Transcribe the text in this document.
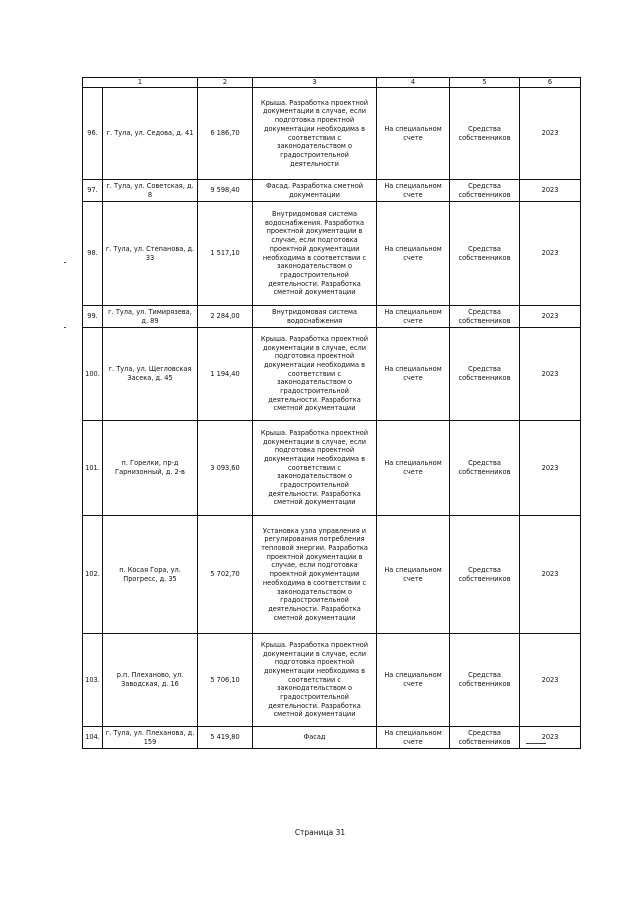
1		2	3	4	5	6
96.	г. Тула, ул. Седова, д. 41	6 186,70	Крыша. Разработка проектной документации в случае, если подготовка проектной документации необходима в соответствии с законодательством о градостроительной деятельности	На специальном счете	Средства собственников	2023
97.	г. Тула, ул. Советская, д. 8	9 598,40	Фасад. Разработка сметной документации	На специальном счете	Средства собственников	2023
98.	г. Тула, ул. Степанова, д. 33	1 517,10	Внутридомовая система водоснабжения. Разработка проектной документации в случае, если подготовка проектной документации необходима в соответствии с законодательством о градостроительной деятельности. Разработка сметной документации	На специальном счете	Средства собственников	2023
99.	г. Тула, ул. Тимирязева, д. 89	2 284,00	Внутридомовая система водоснабжения	На специальном счете	Средства собственников	2023
100.	г. Тула, ул. Щегловская Засека, д. 45	1 194,40	Крыша. Разработка проектной документации в случае, если подготовка проектной документации необходима в соответствии с законодательством о градостроительной деятельности. Разработка сметной документации	На специальном счете	Средства собственников	2023
101.	п. Горелки, пр-д Гарнизонный, д. 2-в	3 093,60	Крыша. Разработка проектной документации в случае, если подготовка проектной документации необходима в соответствии с законодательством о градостроительной деятельности. Разработка сметной документации	На специальном счете	Средства собственников	2023
102.	п. Косая Гора, ул. Прогресс, д. 35	5 702,70	Установка узла управления и регулирования потребления тепловой энергии. Разработка проектной документации в случае, если подготовка проектной документации необходима в соответствии с законодательством о градостроительной деятельности. Разработка сметной документации	На специальном счете	Средства собственников	2023
103.	р.п. Плехановo, ул. Заводская, д. 16	5 706,10	Крыша. Разработка проектной документации в случае, если подготовка проектной документации необходима в соответствии с законодательством о градостроительной деятельности. Разработка сметной документации	На специальном счете	Средства собственников	2023
104.	г. Тула, ул. Плеханова, д. 159	5 419,80	Фасад	На специальном счете	Средства собственников	2023
Страница 31
